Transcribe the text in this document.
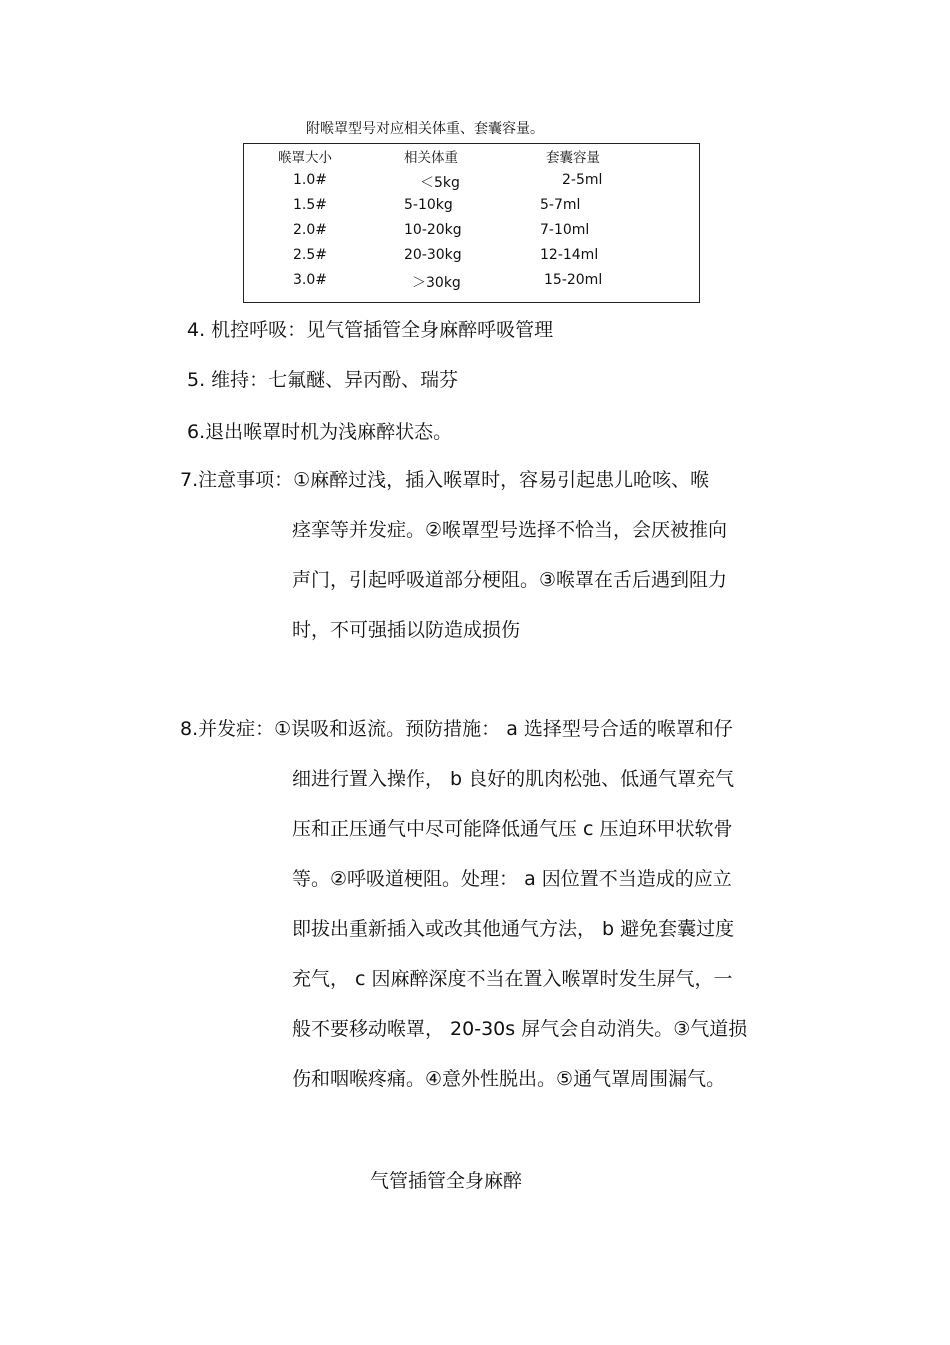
附喉罩型号对应相关体重、套囊容量。
喉罩大小	相关体重	套囊容量
1.0#	＜5kg	2-5ml
1.5#	5-10kg	5-7ml
2.0#	10-20kg	7-10ml
2.5#	20-30kg	12-14ml
3.0#	＞30kg	15-20ml
4. 机控呼吸：见气管插管全身麻醉呼吸管理
5. 维持：七氟醚、异丙酚、瑞芬
6.退出喉罩时机为浅麻醉状态。
7.注意事项：①麻醉过浅，插入喉罩时，容易引起患儿呛咳、喉
痉挛等并发症。②喉罩型号选择不恰当，会厌被推向
声门，引起呼吸道部分梗阻。③喉罩在舌后遇到阻力
时，不可强插以防造成损伤
8.并发症：①误吸和返流。预防措施： a 选择型号合适的喉罩和仔
细进行置入操作， b 良好的肌肉松弛、低通气罩充气
压和正压通气中尽可能降低通气压 c 压迫环甲状软骨
等。②呼吸道梗阻。处理： a 因位置不当造成的应立
即拔出重新插入或改其他通气方法， b 避免套囊过度
充气， c 因麻醉深度不当在置入喉罩时发生屏气，一
般不要移动喉罩， 20-30s 屏气会自动消失。③气道损
伤和咽喉疼痛。④意外性脱出。⑤通气罩周围漏气。
气管插管全身麻醉
